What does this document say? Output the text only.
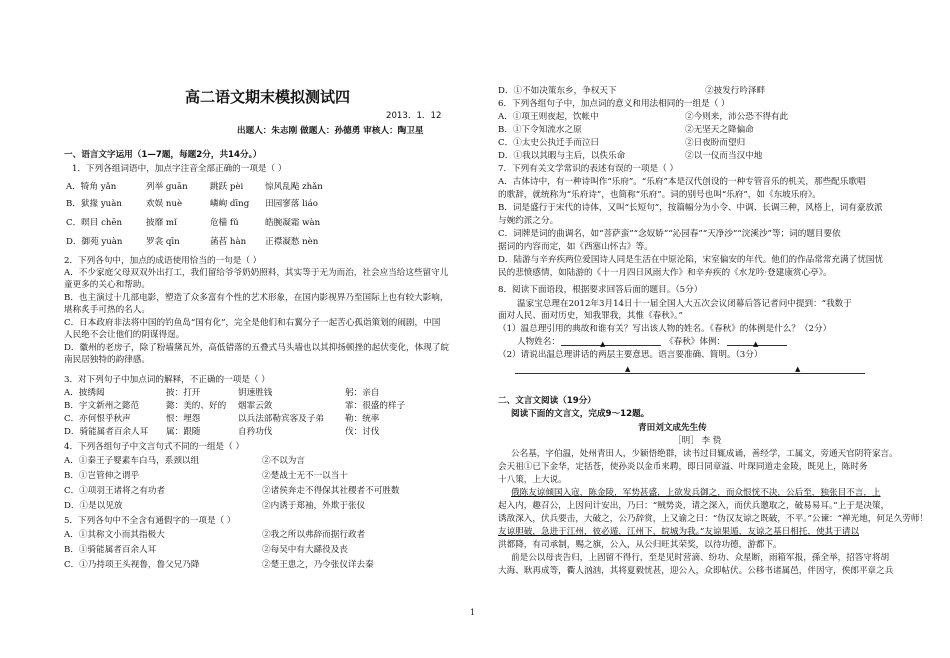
高二语文期末模拟测试四
2013．1．12
出题人：朱志刚 做题人：孙德勇 审核人：陶卫星
一、语言文字运用（1—7题，每题2分，共14分。）
1．下列各组词语中，加点字注音全部正确的一项是（ ）
A．犄角 yǎn	列举 guān	跳跃 pèi	惊风乱飐 zhǎn
B．狱掾 yuàn	欢娱 nuè	嶙峋 dīng 田园寥落 liáo
C．暝目 chēn	披靡 mǐ	危樯 fǔ	皓腕凝霜 wàn
D．御苑 yuàn	罗衾 qīn	菡萏 hàn 正襟凝愁 nèn
2．下列各句中，加点的成语使用恰当的一句是（ ）
A．不少家庭父母双双外出打工，我们留给爷爷奶奶照料，其实等于无为而治，社会应当给这些留守儿
童更多的关心和帮助。
B．也主演过十几部电影，塑造了众多富有个性的艺术形象，在国内影视界乃至国际上也有较大影响，
堪称炙手可热的名人。
C．日本政府非法将中国的钓鱼岛“国有化”，完全是他们和右翼分子一起苦心孤诣策划的闹剧，中国
人民绝不会让他们的阴谋得逞。
D．徽州的老房子，除了粉墙黛瓦外，高低错落的五叠式马头墙也以其抑扬顿挫的起伏变化，体现了皖
南民居独特的韵律感。
3．对下列句子中加点词的解释，不正确的一项是（ ）
A．披绣闼	披：打开	钥速胜钱	躬：亲自
B．宇文新州之懿范	懿：美的、好的 烟霏云敛	霏：很盛的样子
C．亦何恨乎秋声	恨：埋怨	以兵法部勒宾客及子弟 勒：统率
D．骑能属者百余人耳 属：跟随	自矜功伐	伐：讨伐
4．下列各组句子中文言句式不同的一组是（ ）
A．①秦王子婴素车白马，系颈以组	②不以为言
B．①岂管伸之谓乎	②楚战士无不一以当十
C．①项羽王诸将之有功者	②诸侯奔走不得保其社稷者不可胜数
D．①是以见放	②内诱于郑袖，外欺于张仪
5．下列各句中不全含有通假字的一项是（ ）
A．①其称文小而其指极大	②我之所以弗辞而据行政者
B．①骑能属者百余人耳	②每吴中有大繇役及丧
C．①乃持项王头视鲁，鲁父兄乃降	②楚王患之，乃令张仪详去秦
D．①不如决策东乡，争权天下	②披发行吟泽畔
6．下列各组句子中，加点词的意义和用法相同的一组是（ ）
A．①项王则夜起，饮帐中	②今则来，沛公恐不得有此
B．①下令知流水之原	②无坚天之降偏命
C．①太史公执迁手而泣曰	②日夜盼而望归
D．①我以其暇与主后，以佚乐命	②以一仪而当汉中地
7．下列有关文学常识的表述有误的一项是（ ）
A．古体诗中，有一种诗叫作“乐府”。“乐府”本是汉代创设的一种专管音乐的机关，那些配乐歌唱
的歌辞，就统称为“乐府诗”，也简称“乐府”。词的别号也叫“乐府”，如《东坡乐府》。
B．词是盛行于宋代的诗体，又叫“长短句”，按篇幅分为小令、中调、长调三种，风格上，词有豪放派
与婉约派之分。
C．词牌是词的曲调名，如“菩萨蛮”“念奴娇”“沁园春”“天净沙”“浣溪沙”等；词的题目要依
据词的内容而定，如《西塞山怀古》等。
D．陆游与辛弃疾两位爱国诗人同是生活在中原沦陷，宋室偏安的年代。他们的作品常常充满了忧国忧
民的悲愤感情，如陆游的《十一月四日风雨大作》和辛弃疾的《水龙吟·登建康赏心亭》。
8．阅读下面语段，根据要求回答后面的题目。（5分）
温家宝总理在2012年3月14日十一届全国人大五次会议闭幕后答记者问中提到：“我数于
面对人民、面对历史，知我罪我，其惟《春秋》。”
（1）温总理引用的典故和谁有关？写出该人物的姓名。《春秋》的体例是什么？（2分）
人物姓名：	▲	《春秋》体例：	▲
（2）请说出温总理讲话的两层主要意思。语言要准确、简明。（3分）
▲	▲
二、文言文阅读（19分）
阅读下面的文言文，完成9～12题。
青田刘文成先生传
［明］ 李 贽
公名基，字伯温，处州青田人，少颖悟绝群，读书过目辄成诵，善经学，工属文，旁通天官阴符家言。
会天祖①已下金华，定括苍，使孙炎以金币来聘，即日同章溢、叶琛同道走金陵，既见上，陈时务
十八策，上大说。
俄陈友谅倾国入寇，陈金陵，军势甚盛，上欲发兵御之，而众恨恍不决，公后至，独张目不言，上
起入内，趣召公，上因问计安出，乃曰：“贼势炎，请之深入，而伏兵邀取之，破易易耳。”上于是决策，
诱敌深入，伏兵要击，大破之，公乃辞赏，上又谕之曰：“伪汉友谅之既破，不平。”公谏：“禅光地，何足久劳师！
友谅胆破，急进于江州，彼必遁，江州下，皖城为我。”友谅果遁，友谅之基日相托，使其于请以
洪都降，有司承制，赐之旗，公入，从公归旺其荣奖，以待功德，游都下。
前是公以母丧告归，上固留不得行，至是见时营滴、纷功、众星断，雨箱军报，孫全举，招答守将胡
大海、耿再成等，衢人汹汹，其将夏毅忧甚，迎公入，众即帖伏。公移书诸属邑，伴因守，俟郎平章之兵
1
